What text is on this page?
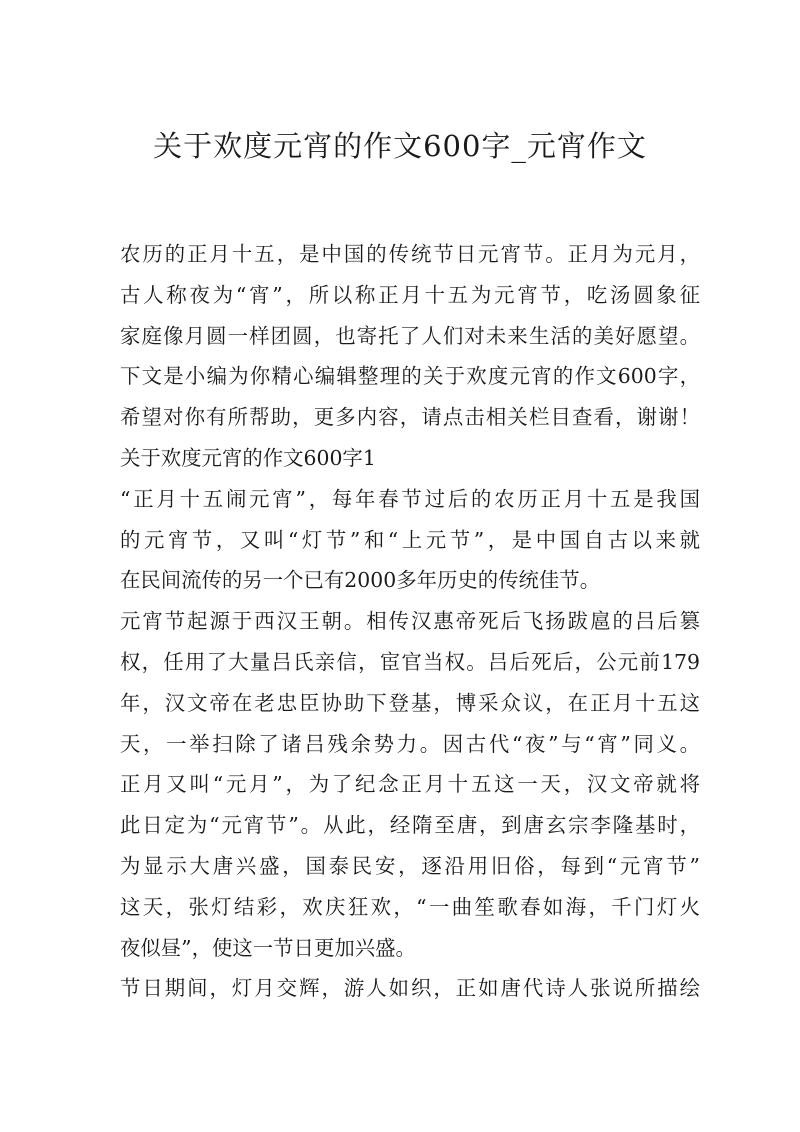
关于欢度元宵的作文600字_元宵作文
农历的正月十五，是中国的传统节日元宵节。正月为元月，
古人称夜为“宵”，所以称正月十五为元宵节，吃汤圆象征
家庭像月圆一样团圆，也寄托了人们对未来生活的美好愿望。
下文是小编为你精心编辑整理的关于欢度元宵的作文600字，
希望对你有所帮助，更多内容，请点击相关栏目查看，谢谢！
关于欢度元宵的作文600字1
“正月十五闹元宵”，每年春节过后的农历正月十五是我国
的元宵节，又叫“灯节”和“上元节”，是中国自古以来就
在民间流传的另一个已有2000多年历史的传统佳节。
元宵节起源于西汉王朝。相传汉惠帝死后飞扬跋扈的吕后篡
权，任用了大量吕氏亲信，宦官当权。吕后死后，公元前179
年，汉文帝在老忠臣协助下登基，博采众议，在正月十五这
天，一举扫除了诸吕残余势力。因古代“夜”与“宵”同义。
正月又叫“元月”，为了纪念正月十五这一天，汉文帝就将
此日定为“元宵节”。从此，经隋至唐，到唐玄宗李隆基时，
为显示大唐兴盛，国泰民安，逐沿用旧俗，每到“元宵节”
这天，张灯结彩，欢庆狂欢，“一曲笙歌春如海，千门灯火
夜似昼”，使这一节日更加兴盛。
节日期间，灯月交辉，游人如织，正如唐代诗人张说所描绘
